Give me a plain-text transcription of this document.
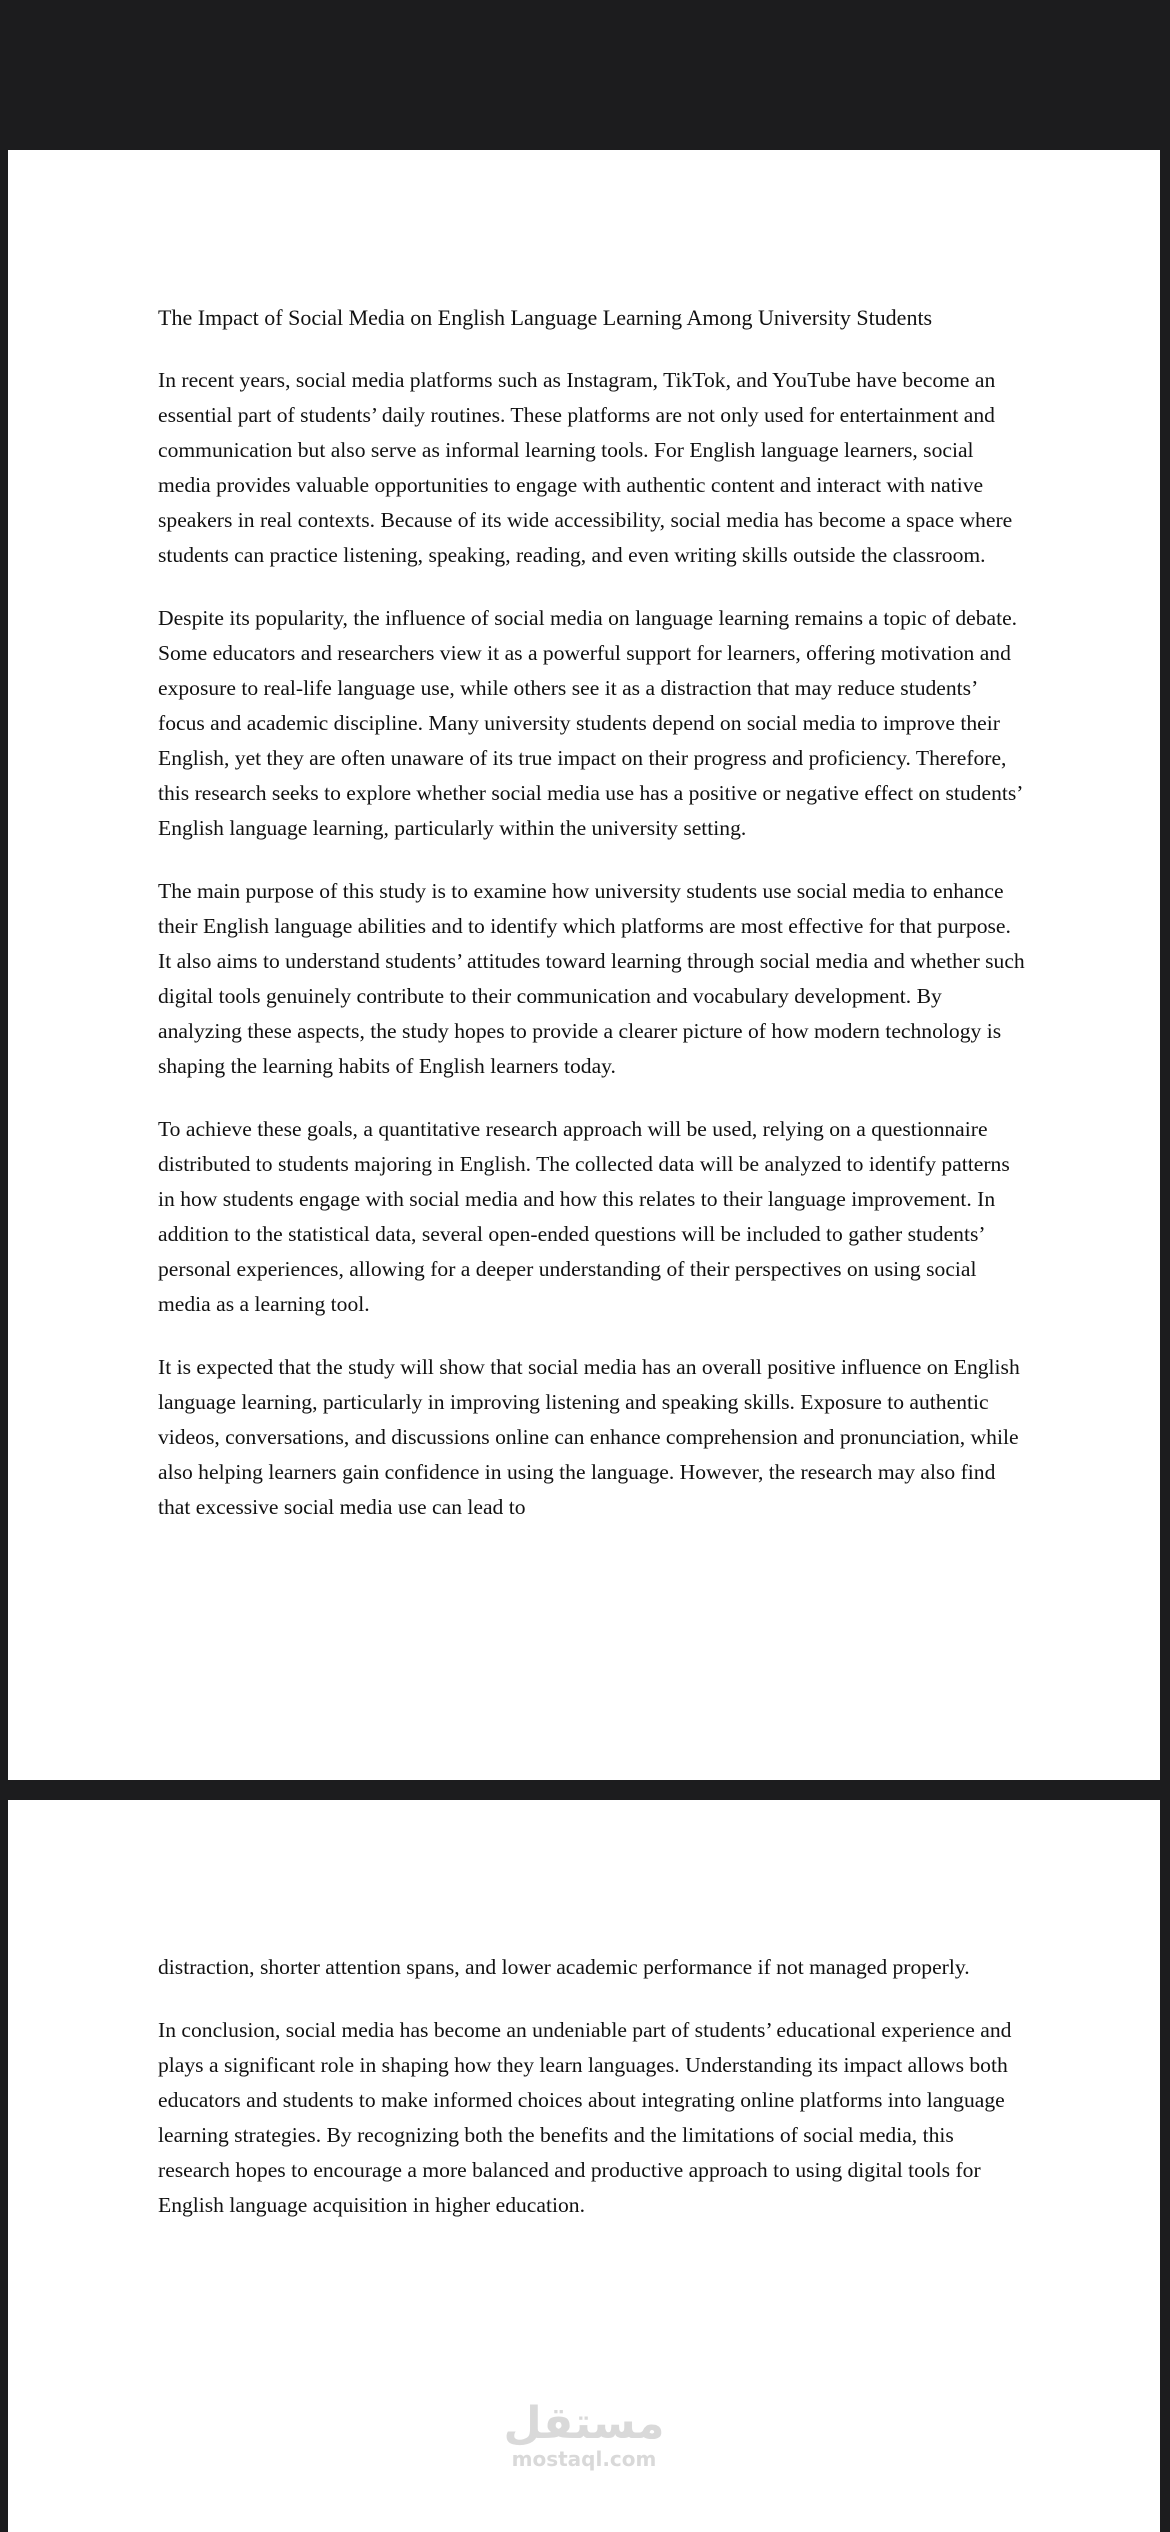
The Impact of Social Media on English Language Learning Among University Students

In recent years, social media platforms such as Instagram, TikTok, and YouTube have become an essential part of students’ daily routines. These platforms are not only used for entertainment and communication but also serve as informal learning tools. For English language learners, social media provides valuable opportunities to engage with authentic content and interact with native speakers in real contexts. Because of its wide accessibility, social media has become a space where students can practice listening, speaking, reading, and even writing skills outside the classroom.

Despite its popularity, the influence of social media on language learning remains a topic of debate. Some educators and researchers view it as a powerful support for learners, offering motivation and exposure to real-life language use, while others see it as a distraction that may reduce students’ focus and academic discipline. Many university students depend on social media to improve their English, yet they are often unaware of its true impact on their progress and proficiency. Therefore, this research seeks to explore whether social media use has a positive or negative effect on students’ English language learning, particularly within the university setting.

The main purpose of this study is to examine how university students use social media to enhance their English language abilities and to identify which platforms are most effective for that purpose. It also aims to understand students’ attitudes toward learning through social media and whether such digital tools genuinely contribute to their communication and vocabulary development. By analyzing these aspects, the study hopes to provide a clearer picture of how modern technology is shaping the learning habits of English learners today.

To achieve these goals, a quantitative research approach will be used, relying on a questionnaire distributed to students majoring in English. The collected data will be analyzed to identify patterns in how students engage with social media and how this relates to their language improvement. In addition to the statistical data, several open-ended questions will be included to gather students’ personal experiences, allowing for a deeper understanding of their perspectives on using social media as a learning tool.

It is expected that the study will show that social media has an overall positive influence on English language learning, particularly in improving listening and speaking skills. Exposure to authentic videos, conversations, and discussions online can enhance comprehension and pronunciation, while also helping learners gain confidence in using the language. However, the research may also find that excessive social media use can lead to

distraction, shorter attention spans, and lower academic performance if not managed properly.

In conclusion, social media has become an undeniable part of students’ educational experience and plays a significant role in shaping how they learn languages. Understanding its impact allows both educators and students to make informed choices about integrating online platforms into language learning strategies. By recognizing both the benefits and the limitations of social media, this research hopes to encourage a more balanced and productive approach to using digital tools for English language acquisition in higher education.

مستقل
mostaql.com
